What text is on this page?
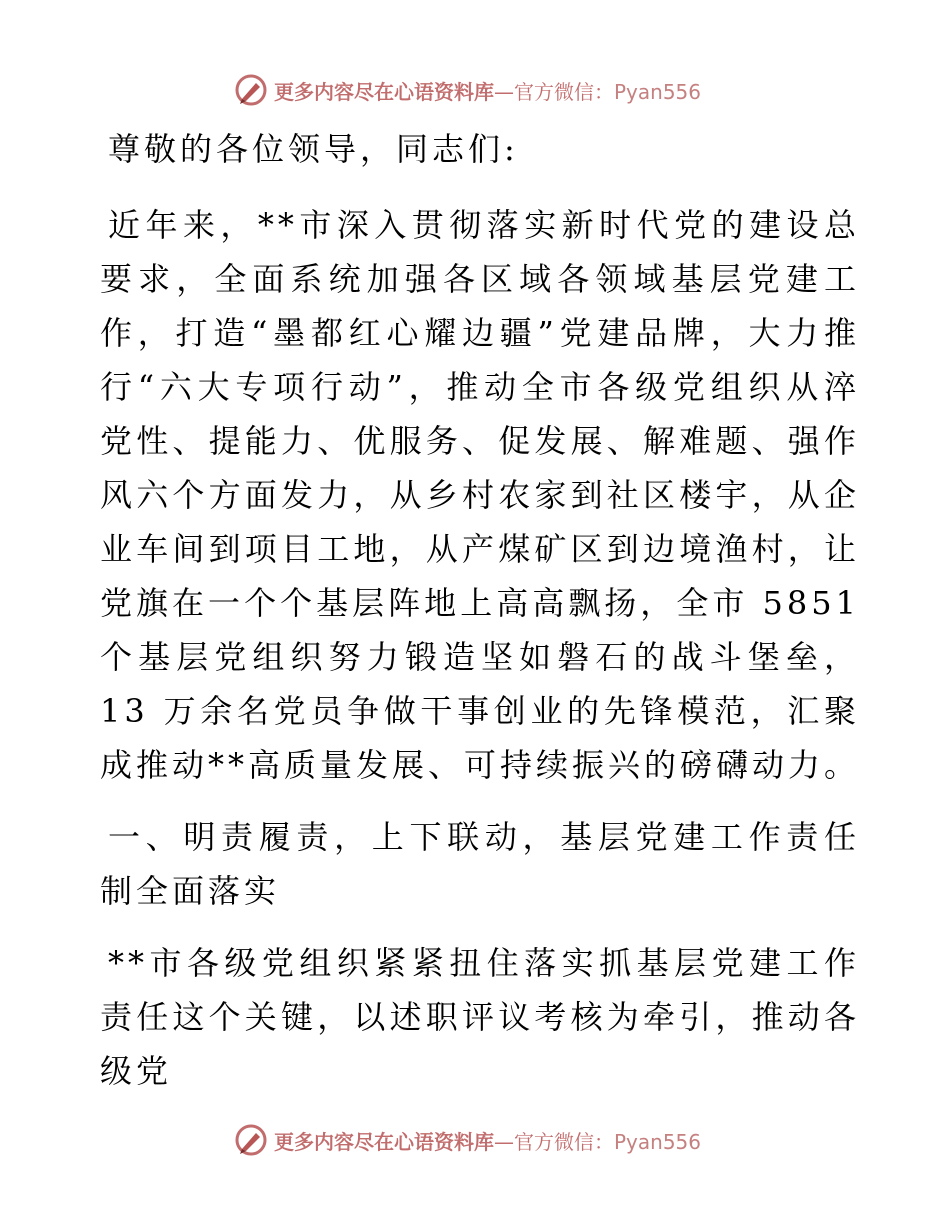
更多内容尽在心语资料库—官方微信：Pyan556

尊敬的各位领导，同志们:

近年来，**市深入贯彻落实新时代党的建设总要求，全面系统加强各区域各领域基层党建工作，打造“墨都红心耀边疆”党建品牌，大力推行“六大专项行动”，推动全市各级党组织从淬党性、提能力、优服务、促发展、解难题、强作风六个方面发力，从乡村农家到社区楼宇，从企业车间到项目工地，从产煤矿区到边境渔村，让党旗在一个个基层阵地上高高飘扬，全市 5851 个基层党组织努力锻造坚如磐石的战斗堡垒，13 万余名党员争做干事创业的先锋模范，汇聚成推动**高质量发展、可持续振兴的磅礴动力。

一、明责履责，上下联动，基层党建工作责任制全面落实

**市各级党组织紧紧扭住落实抓基层党建工作责任这个关键，以述职评议考核为牵引，推动各级党

更多内容尽在心语资料库—官方微信：Pyan556
